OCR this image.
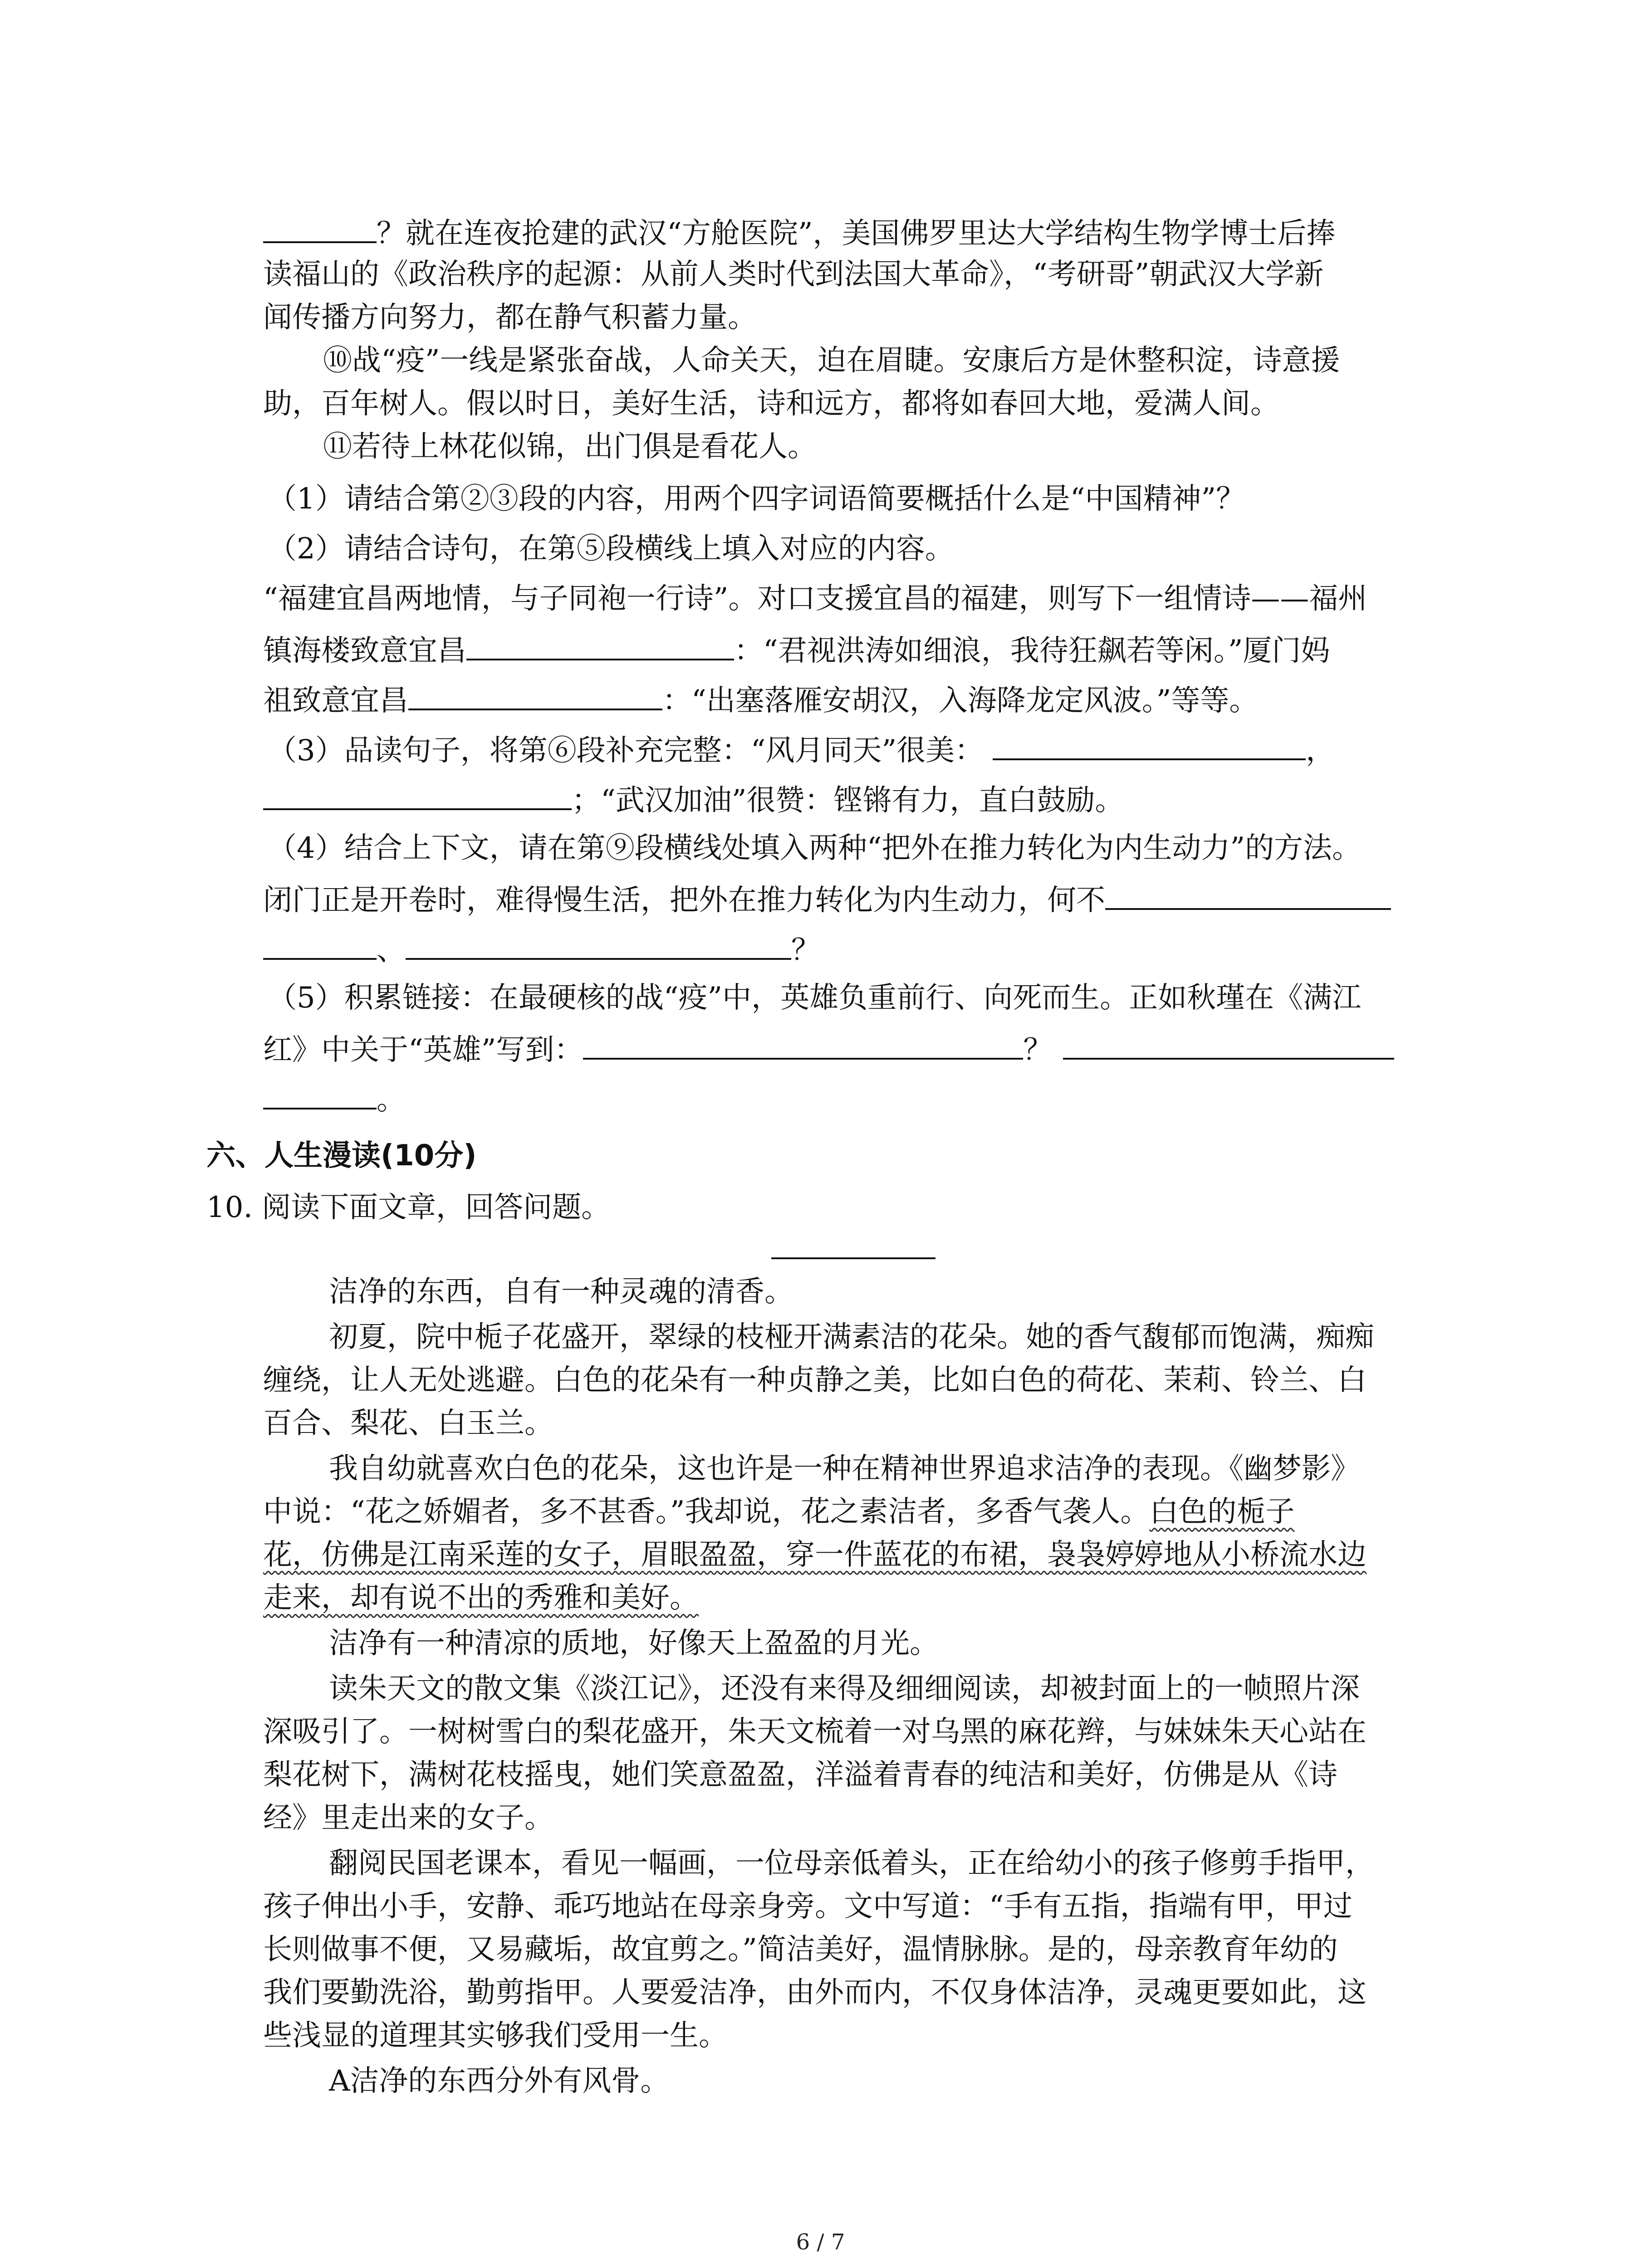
？就在连夜抢建的武汉“方舱医院”，美国佛罗里达大学结构生物学博士后捧
读福山的《政治秩序的起源：从前人类时代到法国大革命》，“考研哥”朝武汉大学新
闻传播方向努力，都在静气积蓄力量。
⑩战“疫”一线是紧张奋战，人命关天，迫在眉睫。安康后方是休整积淀，诗意援
助，百年树人。假以时日，美好生活，诗和远方，都将如春回大地，爱满人间。
⑪若待上林花似锦，出门俱是看花人。
（1）请结合第②③段的内容，用两个四字词语简要概括什么是“中国精神”？
（2）请结合诗句，在第⑤段横线上填入对应的内容。
“福建宜昌两地情，与子同袍一行诗”。对口支援宜昌的福建，则写下一组情诗——福州
镇海楼致意宜昌	：“君视洪涛如细浪，我待狂飙若等闲。”厦门妈
祖致意宜昌	：“出塞落雁安胡汉，入海降龙定风波。”等等。
（3）品读句子，将第⑥段补充完整：“风月同天”很美：	，
；“武汉加油”很赞：铿锵有力，直白鼓励。
（4）结合上下文，请在第⑨段横线处填入两种“把外在推力转化为内生动力”的方法。
闭门正是开卷时，难得慢生活，把外在推力转化为内生动力，何不
、	？
（5）积累链接：在最硬核的战“疫”中，英雄负重前行、向死而生。正如秋瑾在《满江
红》中关于“英雄”写到：	？
。
六、人生漫读(10分)
10. 阅读下面文章，回答问题。
洁净的东西，自有一种灵魂的清香。
初夏，院中栀子花盛开，翠绿的枝桠开满素洁的花朵。她的香气馥郁而饱满，痴痴
缠绕，让人无处逃避。白色的花朵有一种贞静之美，比如白色的荷花、茉莉、铃兰、白
百合、梨花、白玉兰。
我自幼就喜欢白色的花朵，这也许是一种在精神世界追求洁净的表现。《幽梦影》
中说：“花之娇媚者，多不甚香。”我却说，花之素洁者，多香气袭人。白色的栀子
花，仿佛是江南采莲的女子，眉眼盈盈，穿一件蓝花的布裙，袅袅婷婷地从小桥流水边
走来，却有说不出的秀雅和美好。
洁净有一种清凉的质地，好像天上盈盈的月光。
读朱天文的散文集《淡江记》，还没有来得及细细阅读，却被封面上的一帧照片深
深吸引了。一树树雪白的梨花盛开，朱天文梳着一对乌黑的麻花辫，与妹妹朱天心站在
梨花树下，满树花枝摇曳，她们笑意盈盈，洋溢着青春的纯洁和美好，仿佛是从《诗
经》里走出来的女子。
翻阅民国老课本，看见一幅画，一位母亲低着头，正在给幼小的孩子修剪手指甲，
孩子伸出小手，安静、乖巧地站在母亲身旁。文中写道：“手有五指，指端有甲，甲过
长则做事不便，又易藏垢，故宜剪之。”简洁美好，温情脉脉。是的，母亲教育年幼的
我们要勤洗浴，勤剪指甲。人要爱洁净，由外而内，不仅身体洁净，灵魂更要如此，这
些浅显的道理其实够我们受用一生。
A洁净的东西分外有风骨。
6 / 7
